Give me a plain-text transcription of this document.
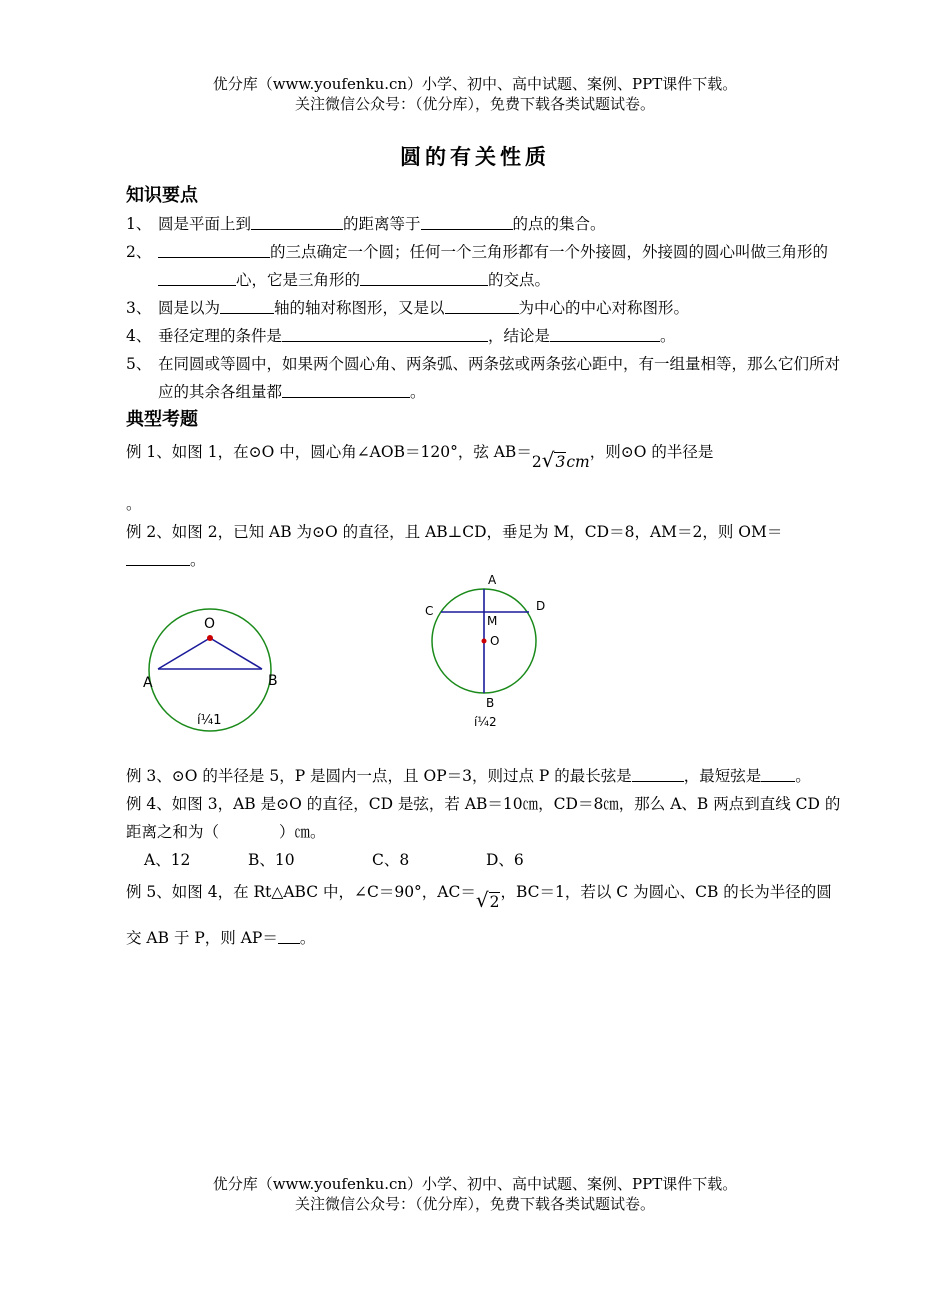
优分库（www.youfenku.cn）小学、初中、高中试题、案例、PPT课件下载。
关注微信公众号：（优分库），免费下载各类试题试卷。
圆的有关性质
知识要点
1、 圆是平面上到	的距离等于	的点的集合。
2、	的三点确定一个圆；任何一个三角形都有一个外接圆，外接圆的圆心叫做三角形的心，它是三角形的	的交点。
3、 圆是以为	轴的轴对称图形，又是以	为中心的中心对称图形。
4、 垂径定理的条件是	，结论是	。
5、 在同圆或等圆中，如果两个圆心角、两条弧、两条弦或两条弦心距中，有一组量相等，那么它们所对应的其余各组量都	。
典型考题
例 1、如图 1，在⊙O 中，圆心角∠AOB＝120°，弦 AB＝2√3cm，则⊙O 的半径是
。
例 2、如图 2，已知 AB 为⊙O 的直径，且 AB⊥CD，垂足为 M，CD＝8，AM＝2，则 OM＝。
O
A	B
í¼1
A
C	D
M
O
B
í¼2
例 3、⊙O 的半径是 5，P 是圆内一点，且 OP＝3，则过点 P 的最长弦是	，最短弦是 。
例 4、如图 3，AB 是⊙O 的直径，CD 是弦，若 AB＝10㎝，CD＝8㎝，那么 A、B 两点到直线 CD 的距离之和为（	）㎝。
A、12	B、10	C、8	D、6
例 5、如图 4，在 Rt△ABC 中，∠C＝90°，AC＝√2，BC＝1，若以 C 为圆心、CB 的长为半径的圆交 AB 于 P，则 AP＝ 。
优分库（www.youfenku.cn）小学、初中、高中试题、案例、PPT课件下载。
关注微信公众号：（优分库），免费下载各类试题试卷。
